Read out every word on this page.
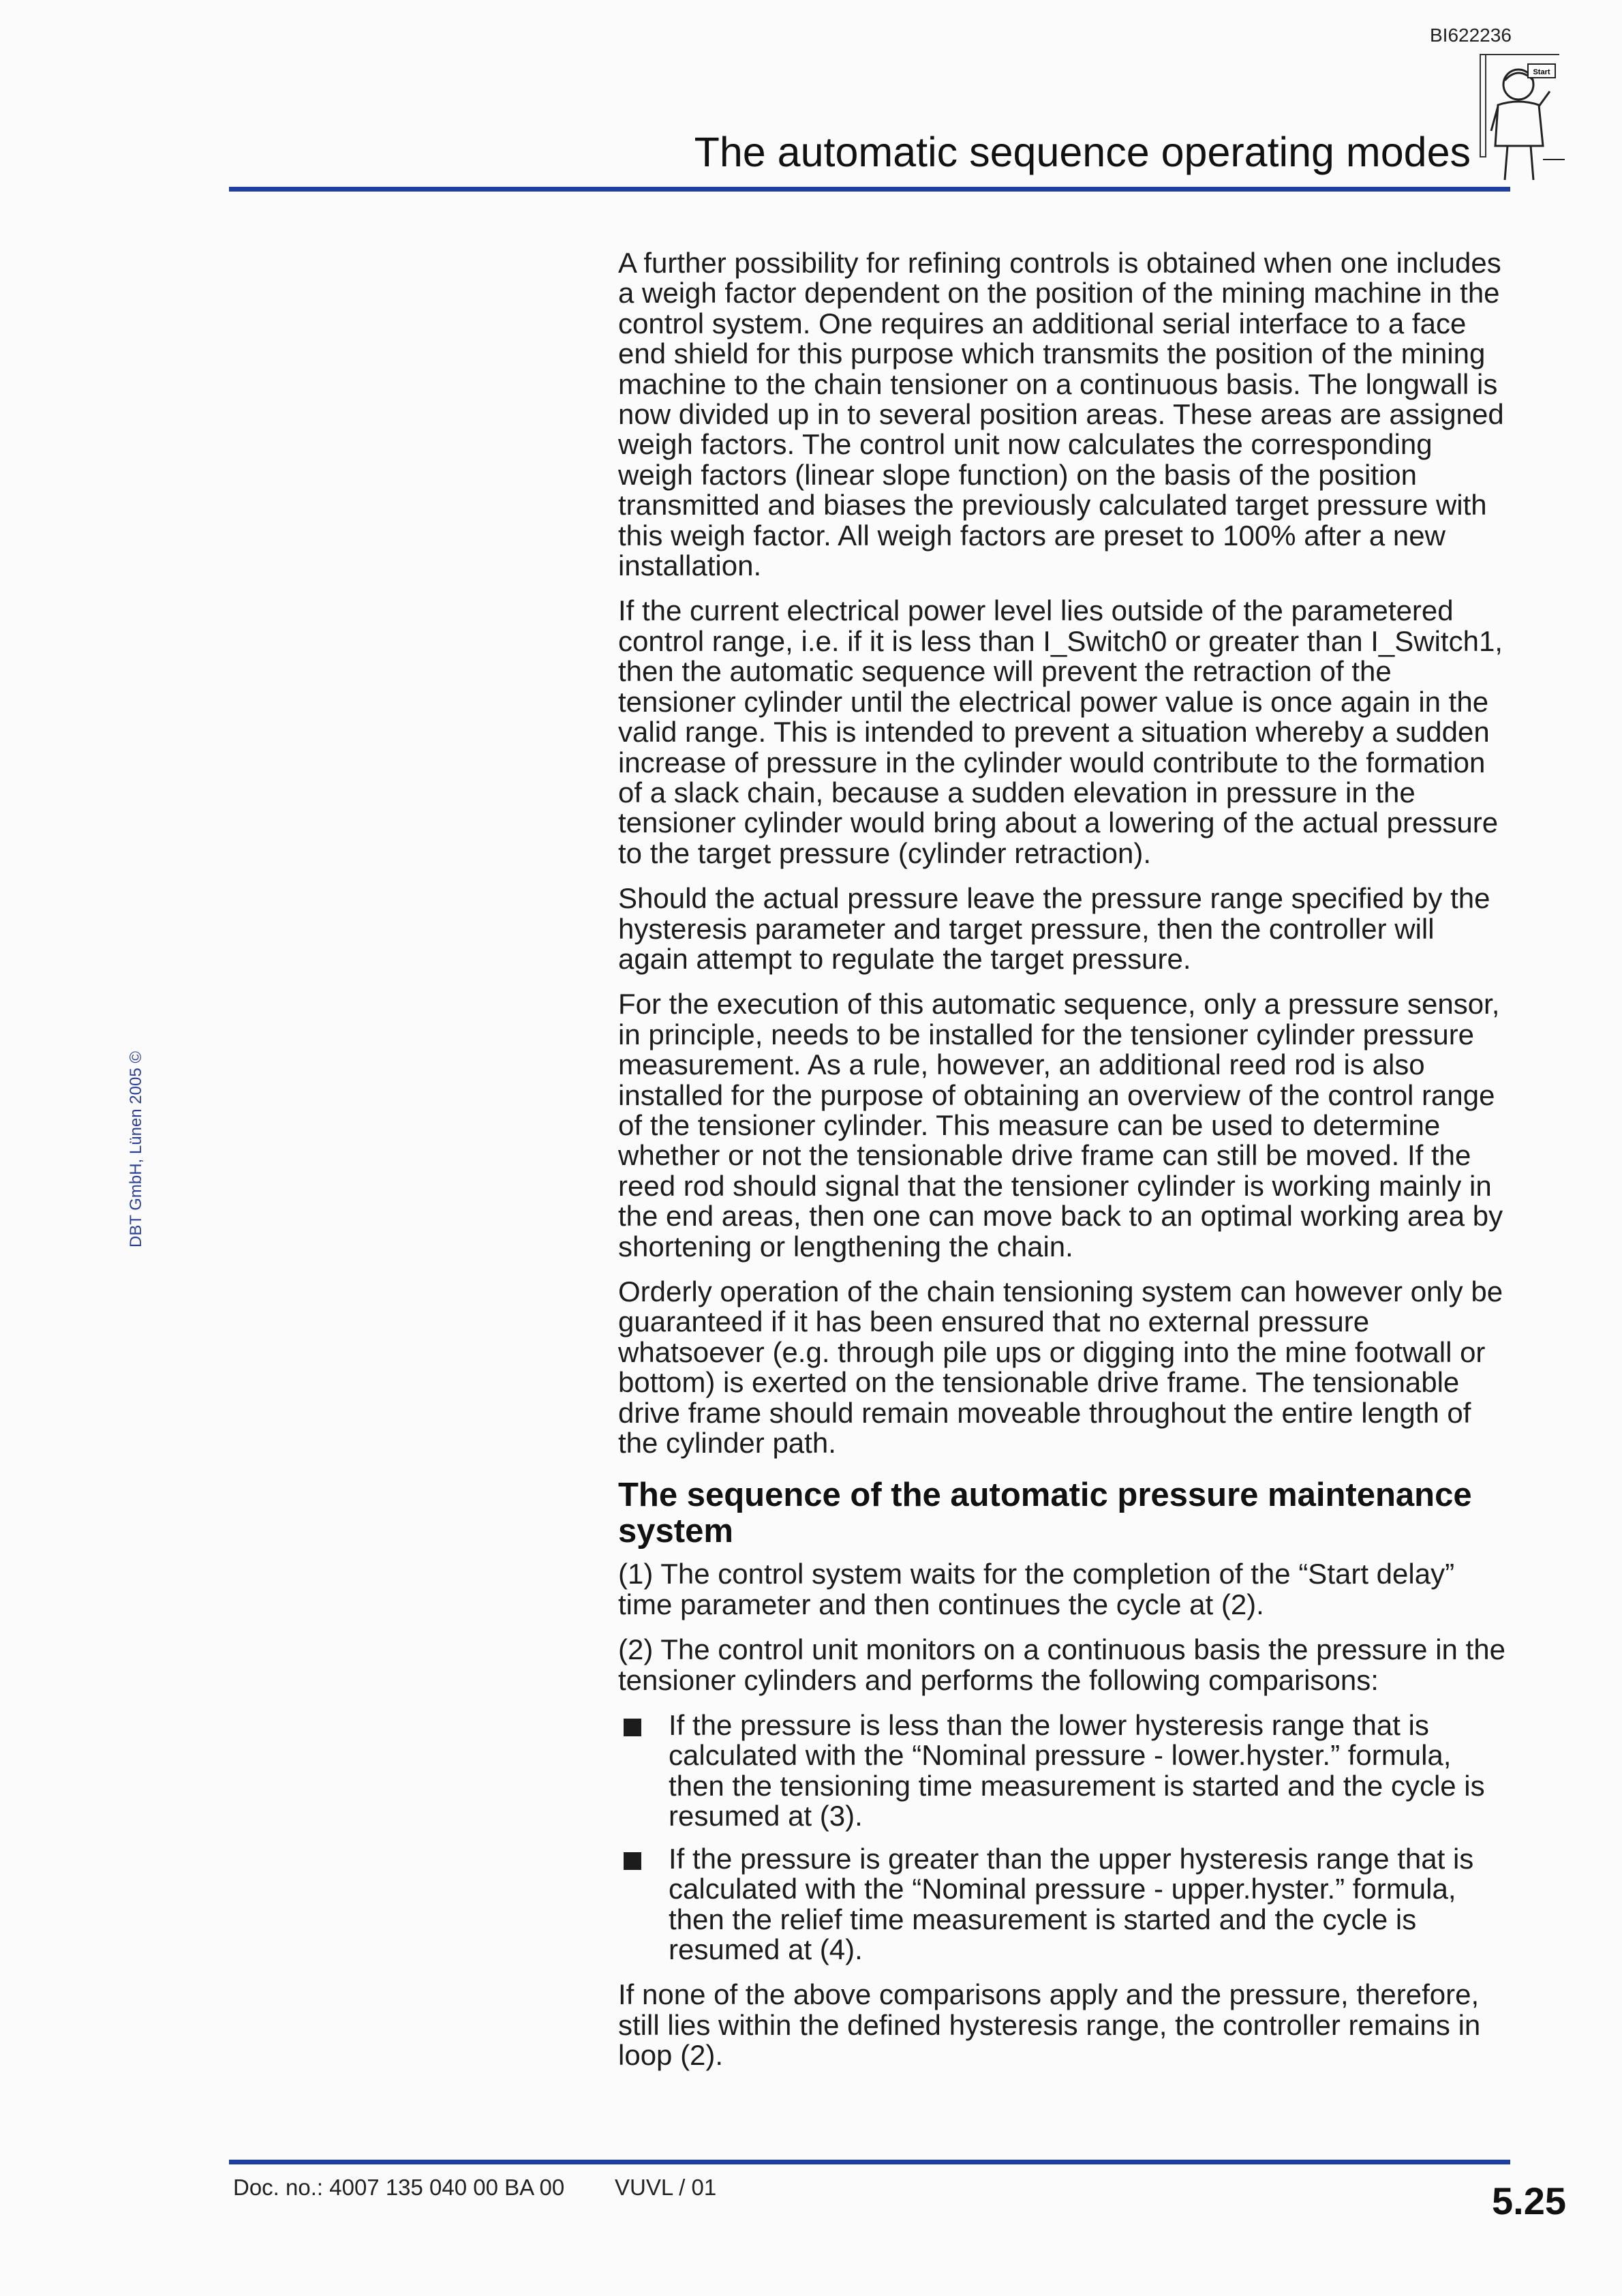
BI622236
The automatic sequence operating modes
Start
DBT GmbH, Lünen 2005 ©

A further possibility for refining controls is obtained when one includes a weigh factor dependent on the position of the mining machine in the control system. One requires an additional serial interface to a face end shield for this purpose which transmits the position of the mining machine to the chain tensioner on a continuous basis. The longwall is now divided up in to several position areas. These areas are assigned weigh factors. The control unit now calculates the corresponding weigh factors (linear slope function) on the basis of the position transmitted and biases the previously calculated target pressure with this weigh factor. All weigh factors are preset to 100% after a new installation.

If the current electrical power level lies outside of the parametered control range, i.e. if it is less than I_Switch0 or greater than I_Switch1, then the automatic sequence will prevent the retraction of the tensioner cylinder until the electrical power value is once again in the valid range. This is intended to prevent a situation whereby a sudden increase of pressure in the cylinder would contribute to the formation of a slack chain, because a sudden elevation in pressure in the tensioner cylinder would bring about a lowering of the actual pressure to the target pressure (cylinder retraction).

Should the actual pressure leave the pressure range specified by the hysteresis parameter and target pressure, then the controller will again attempt to regulate the target pressure.

For the execution of this automatic sequence, only a pressure sensor, in principle, needs to be installed for the tensioner cylinder pressure measurement. As a rule, however, an additional reed rod is also installed for the purpose of obtaining an overview of the control range of the tensioner cylinder. This measure can be used to determine whether or not the tensionable drive frame can still be moved. If the reed rod should signal that the tensioner cylinder is working mainly in the end areas, then one can move back to an optimal working area by shortening or lengthening the chain.

Orderly operation of the chain tensioning system can however only be guaranteed if it has been ensured that no external pressure whatsoever (e.g. through pile ups or digging into the mine footwall or bottom) is exerted on the tensionable drive frame. The tensionable drive frame should remain moveable throughout the entire length of the cylinder path.

The sequence of the automatic pressure maintenance system

(1) The control system waits for the completion of the “Start delay” time parameter and then continues the cycle at (2).

(2) The control unit monitors on a continuous basis the pressure in the tensioner cylinders and performs the following comparisons:

If the pressure is less than the lower hysteresis range that is calculated with the “Nominal pressure - lower.hyster.” formula, then the tensioning time measurement is started and the cycle is resumed at (3).
If the pressure is greater than the upper hysteresis range that is calculated with the “Nominal pressure - upper.hyster.” formula, then the relief time measurement is started and the cycle is resumed at (4).

If none of the above comparisons apply and the pressure, therefore, still lies within the defined hysteresis range, the controller remains in loop (2).

Doc. no.: 4007 135 040 00 BA 00 VUVL / 01	5.25
